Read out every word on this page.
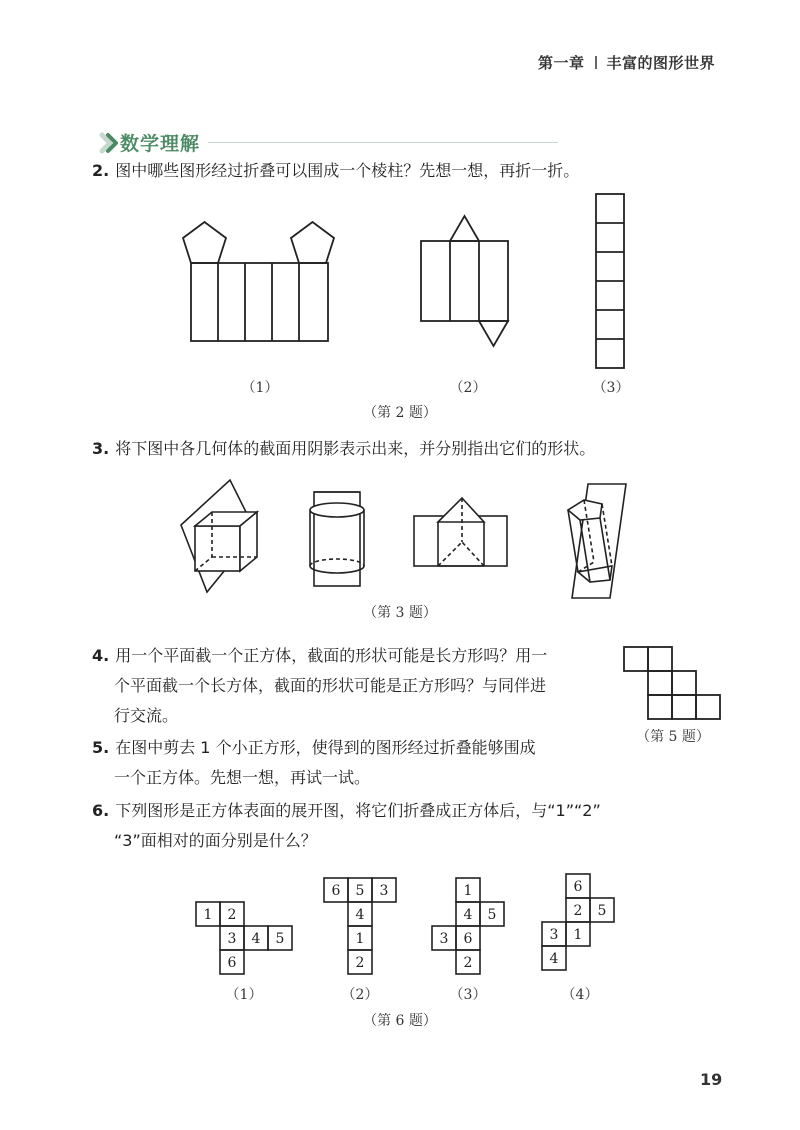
第一章 丰富的图形世界
数学理解
2. 图中哪些图形经过折叠可以围成一个棱柱？先想一想，再折一折。
（1）	（2）	（3）
（第 2 题）
3. 将下图中各几何体的截面用阴影表示出来，并分别指出它们的形状。
（第 3 题）
4. 用一个平面截一个正方体，截面的形状可能是长方形吗？用一
个平面截一个长方体，截面的形状可能是正方形吗？与同伴进
行交流。
（第 5 题）
5. 在图中剪去 1 个小正方形，使得到的图形经过折叠能够围成
一个正方体。先想一想，再试一试。
6. 下列图形是正方体表面的展开图，将它们折叠成正方体后，与“1”“2”
“3”面相对的面分别是什么？
1 2
3 4 5
6
6 5 3
4
1
2
1
4 5
3 6
2
6
2 5
3 1
4
（1）	（2）	（3）	（4）
（第 6 题）
19
